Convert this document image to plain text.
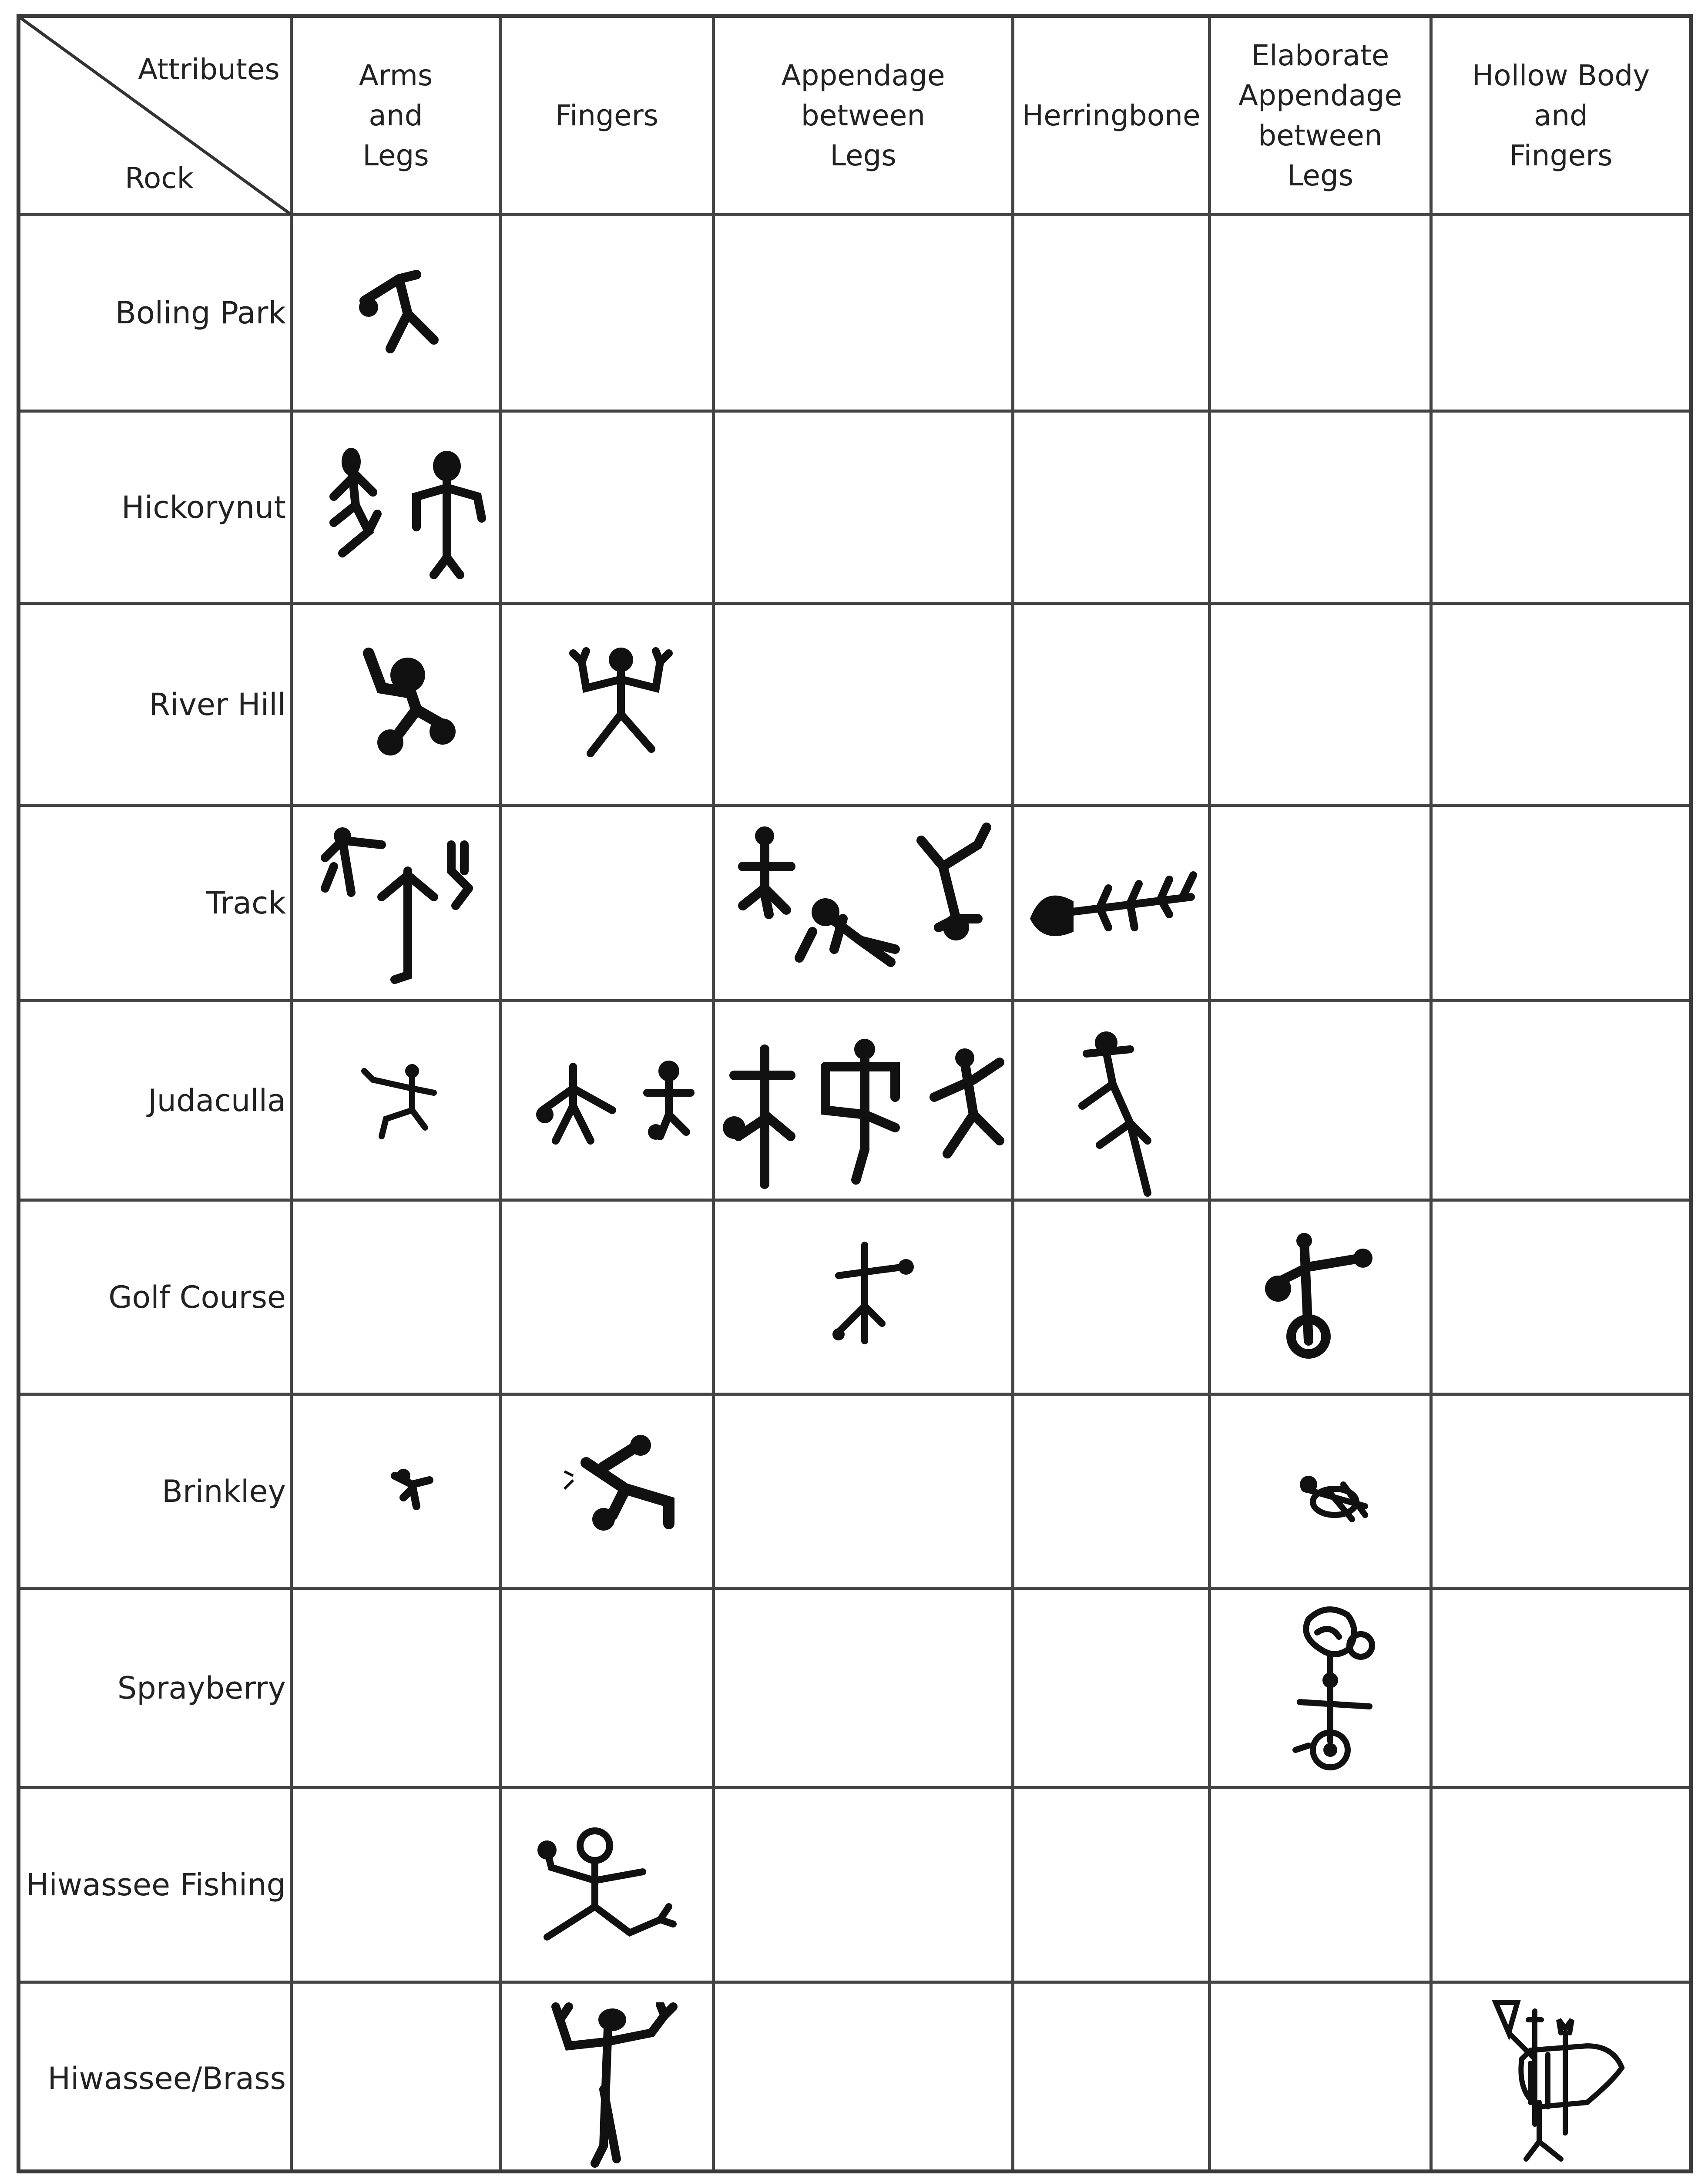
Attributes
Rock
Arms
and
Legs
Fingers
Appendage
between
Legs
Herringbone
Elaborate
Appendage
between
Legs
Hollow Body
and
Fingers
Boling Park
Hickorynut
River Hill
Track
Judaculla
Golf Course
Brinkley
Sprayberry
Hiwassee Fishing
Hiwassee/Brass
